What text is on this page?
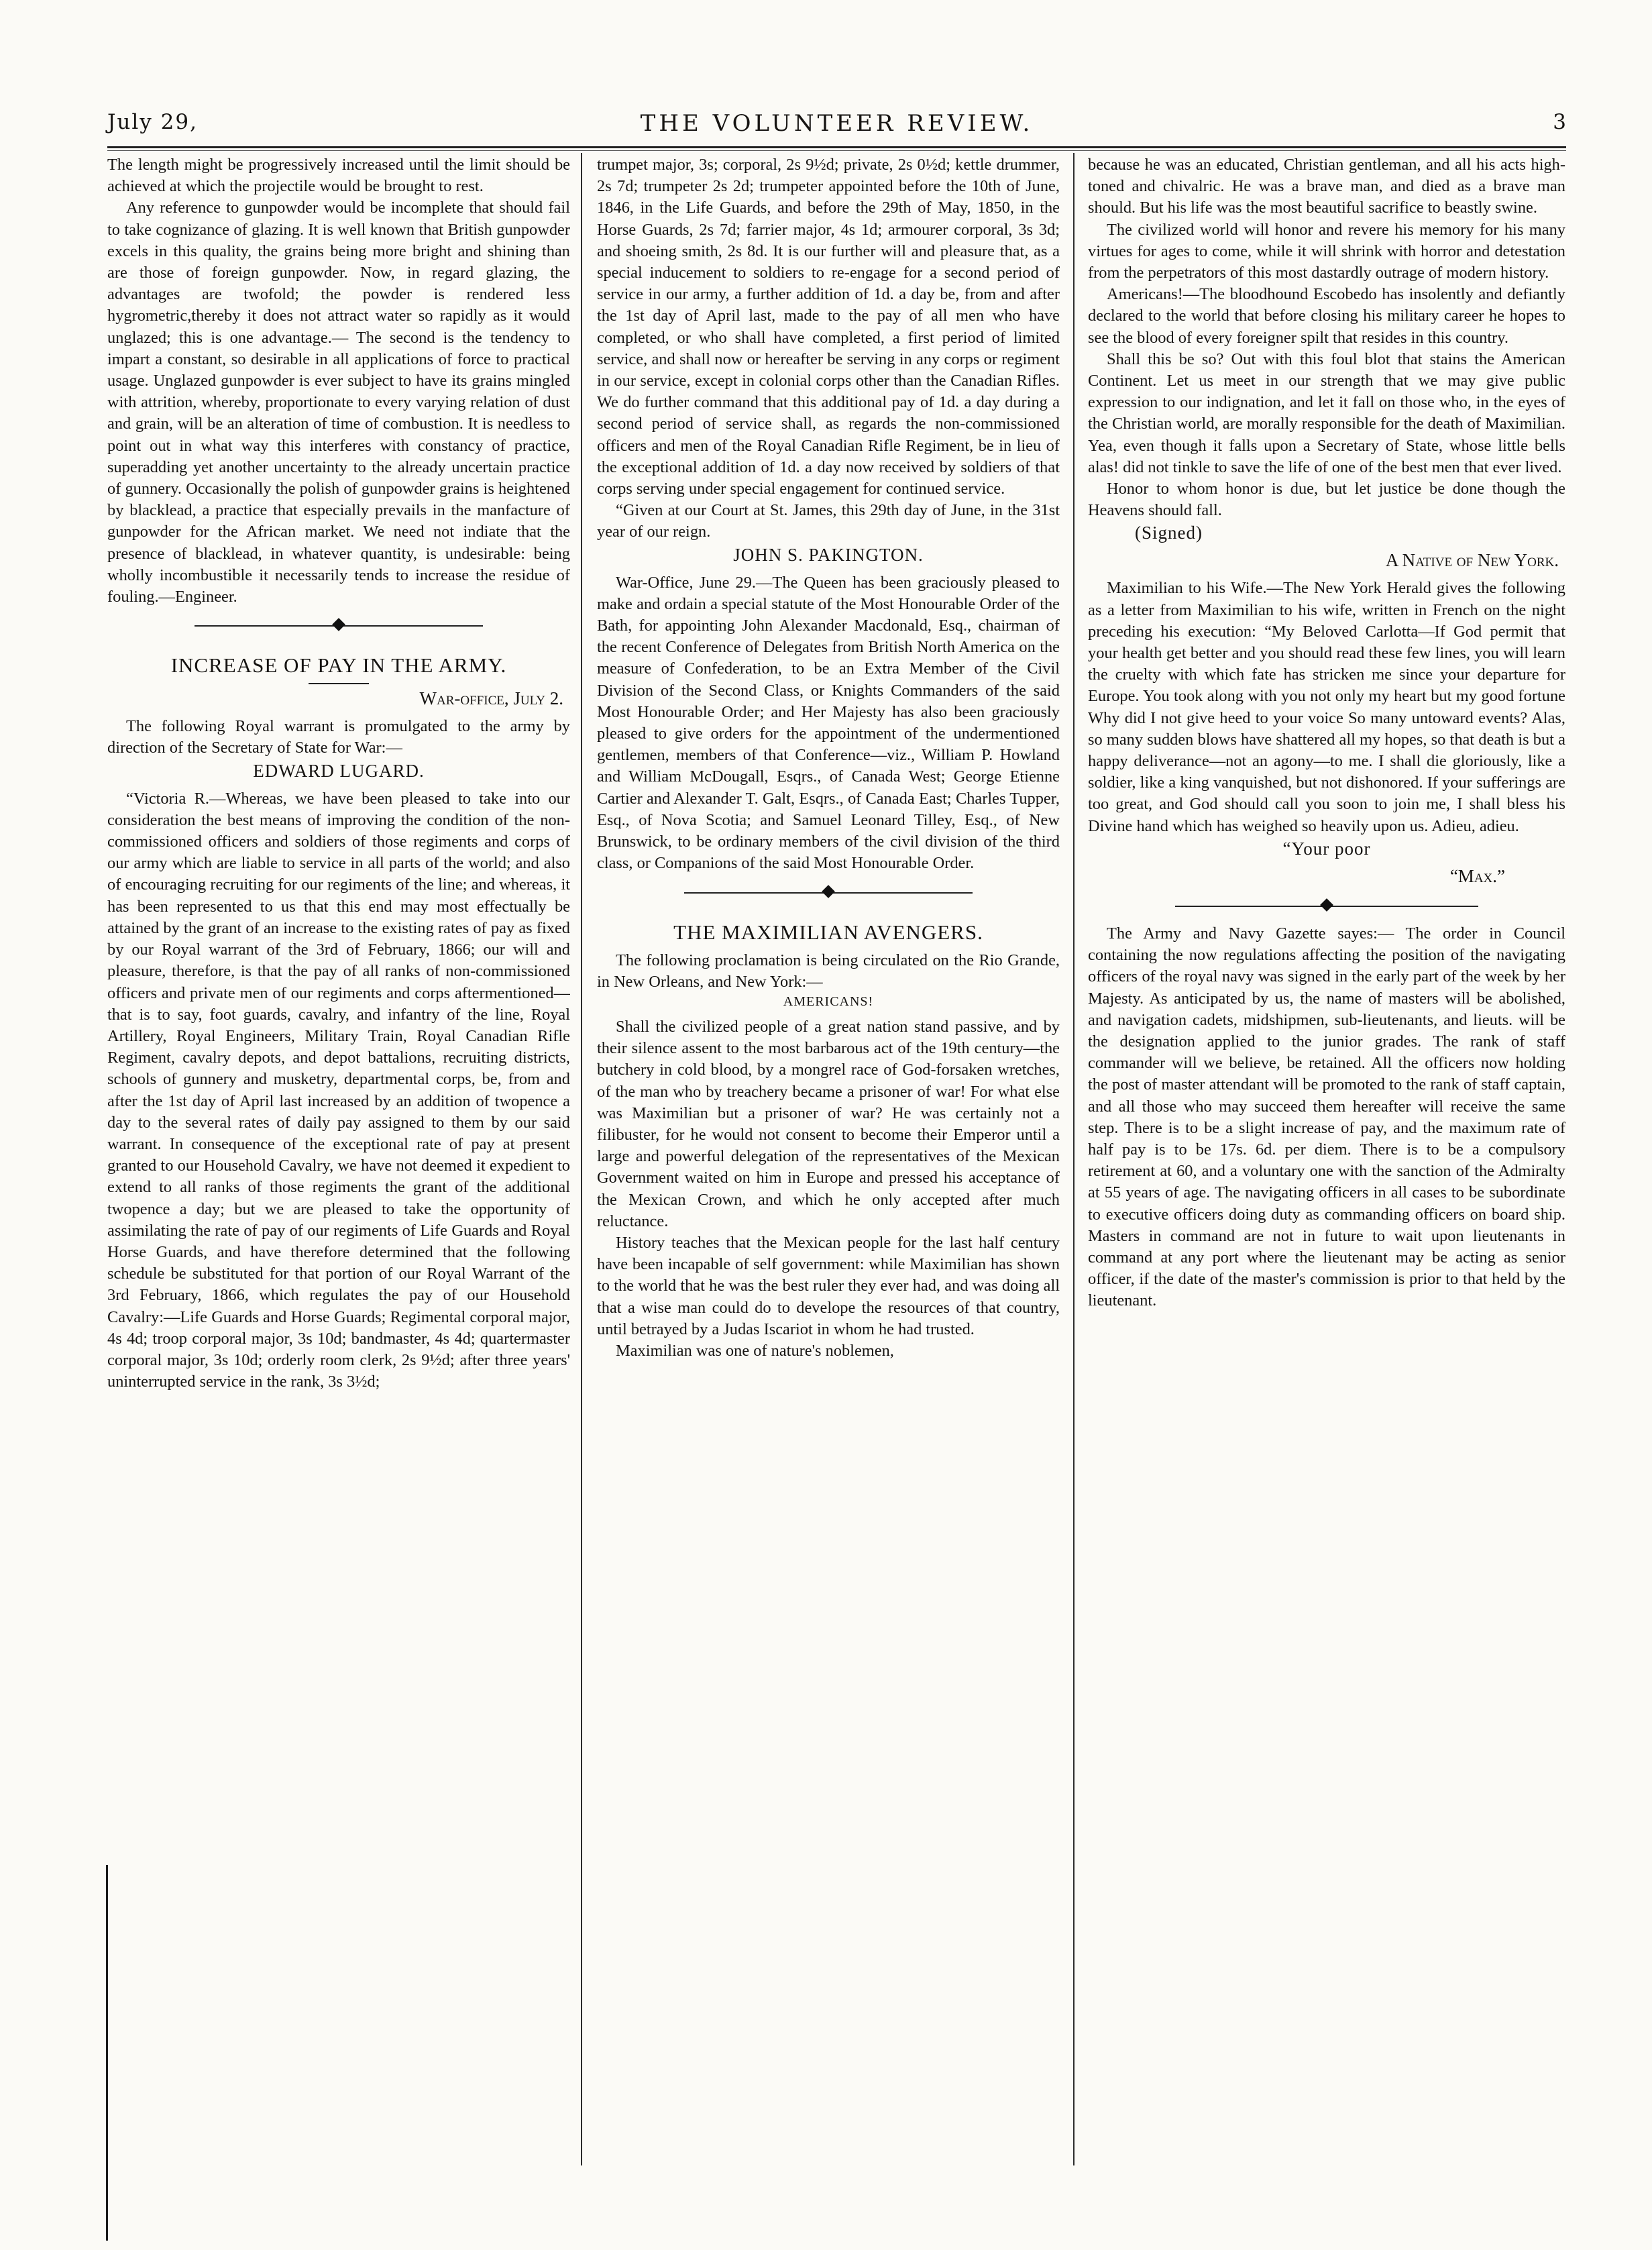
July 29,	THE VOLUNTEER REVIEW.	3

The length might be progressively increased until the limit should be achieved at which the projectile would be brought to rest.

Any reference to gunpowder would be incomplete that should fail to take cognizance of glazing. It is well known that British gunpowder excels in this quality, the grains being more bright and shining than are those of foreign gunpowder. Now, in regard glazing, the advantages are twofold; the powder is rendered less hygrometric,thereby it does not attract water so rapidly as it would unglazed; this is one advantage.— The second is the tendency to impart a constant, so desirable in all applications of force to practical usage. Unglazed gunpowder is ever subject to have its grains mingled with attrition, whereby, proportionate to every varying relation of dust and grain, will be an alteration of time of combustion. It is needless to point out in what way this interferes with constancy of practice, superadding yet another uncertainty to the already uncertain practice of gunnery. Occasionally the polish of gunpowder grains is heightened by blacklead, a practice that especially prevails in the manfacture of gunpowder for the African market. We need not indiate that the presence of blacklead, in whatever quantity, is undesirable: being wholly incombustible it necessarily tends to increase the residue of fouling.—Engineer.

INCREASE OF PAY IN THE ARMY.
War-office, July 2.

The following Royal warrant is promulgated to the army by direction of the Secretary of State for War:—

EDWARD LUGARD.

“Victoria R.—Whereas, we have been pleased to take into our consideration the best means of improving the condition of the non-commissioned officers and soldiers of those regiments and corps of our army which are liable to service in all parts of the world; and also of encouraging recruiting for our regiments of the line; and whereas, it has been represented to us that this end may most effectually be attained by the grant of an increase to the existing rates of pay as fixed by our Royal warrant of the 3rd of February, 1866; our will and pleasure, therefore, is that the pay of all ranks of non-commissioned officers and private men of our regiments and corps aftermentioned—that is to say, foot guards, cavalry, and infantry of the line, Royal Artillery, Royal Engineers, Military Train, Royal Canadian Rifle Regiment, cavalry depots, and depot battalions, recruiting districts, schools of gunnery and musketry, departmental corps, be, from and after the 1st day of April last increased by an addition of twopence a day to the several rates of daily pay assigned to them by our said warrant. In consequence of the exceptional rate of pay at present granted to our Household Cavalry, we have not deemed it expedient to extend to all ranks of those regiments the grant of the additional twopence a day; but we are pleased to take the opportunity of assimilating the rate of pay of our regiments of Life Guards and Royal Horse Guards, and have therefore determined that the following schedule be substituted for that portion of our Royal Warrant of the 3rd February, 1866, which regulates the pay of our Household Cavalry:—Life Guards and Horse Guards; Regimental corporal major, 4s 4d; troop corporal major, 3s 10d; bandmaster, 4s 4d; quartermaster corporal major, 3s 10d; orderly room clerk, 2s 9½d; after three years' uninterrupted service in the rank, 3s 3½d;

trumpet major, 3s; corporal, 2s 9½d; private, 2s 0½d; kettle drummer, 2s 7d; trumpeter 2s 2d; trumpeter appointed before the 10th of June, 1846, in the Life Guards, and before the 29th of May, 1850, in the Horse Guards, 2s 7d; farrier major, 4s 1d; armourer corporal, 3s 3d; and shoeing smith, 2s 8d. It is our further will and pleasure that, as a special inducement to soldiers to re-engage for a second period of service in our army, a further addition of 1d. a day be, from and after the 1st day of April last, made to the pay of all men who have completed, or who shall have completed, a first period of limited service, and shall now or hereafter be serving in any corps or regiment in our service, except in colonial corps other than the Canadian Rifles. We do further command that this additional pay of 1d. a day during a second period of service shall, as regards the non-commissioned officers and men of the Royal Canadian Rifle Regiment, be in lieu of the exceptional addition of 1d. a day now received by soldiers of that corps serving under special engagement for continued service.

“Given at our Court at St. James, this 29th day of June, in the 31st year of our reign.

JOHN S. PAKINGTON.

War-Office, June 29.—The Queen has been graciously pleased to make and ordain a special statute of the Most Honourable Order of the Bath, for appointing John Alexander Macdonald, Esq., chairman of the recent Conference of Delegates from British North America on the measure of Confederation, to be an Extra Member of the Civil Division of the Second Class, or Knights Commanders of the said Most Honourable Order; and Her Majesty has also been graciously pleased to give orders for the appointment of the undermentioned gentlemen, members of that Conference—viz., William P. Howland and William McDougall, Esqrs., of Canada West; George Etienne Cartier and Alexander T. Galt, Esqrs., of Canada East; Charles Tupper, Esq., of Nova Scotia; and Samuel Leonard Tilley, Esq., of New Brunswick, to be ordinary members of the civil division of the third class, or Companions of the said Most Honourable Order.

THE MAXIMILIAN AVENGERS.

The following proclamation is being circulated on the Rio Grande, in New Orleans, and New York:—

AMERICANS!

Shall the civilized people of a great nation stand passive, and by their silence assent to the most barbarous act of the 19th century—the butchery in cold blood, by a mongrel race of God-forsaken wretches, of the man who by treachery became a prisoner of war! For what else was Maximilian but a prisoner of war? He was certainly not a filibuster, for he would not consent to become their Emperor until a large and powerful delegation of the representatives of the Mexican Government waited on him in Europe and pressed his acceptance of the Mexican Crown, and which he only accepted after much reluctance.

History teaches that the Mexican people for the last half century have been incapable of self government: while Maximilian has shown to the world that he was the best ruler they ever had, and was doing all that a wise man could do to develope the resources of that country, until betrayed by a Judas Iscariot in whom he had trusted.

Maximilian was one of nature's noblemen,

because he was an educated, Christian gentleman, and all his acts high-toned and chivalric. He was a brave man, and died as a brave man should. But his life was the most beautiful sacrifice to beastly swine.

The civilized world will honor and revere his memory for his many virtues for ages to come, while it will shrink with horror and detestation from the perpetrators of this most dastardly outrage of modern history.

Americans!—The bloodhound Escobedo has insolently and defiantly declared to the world that before closing his military career he hopes to see the blood of every foreigner spilt that resides in this country.

Shall this be so? Out with this foul blot that stains the American Continent. Let us meet in our strength that we may give public expression to our indignation, and let it fall on those who, in the eyes of the Christian world, are morally responsible for the death of Maximilian. Yea, even though it falls upon a Secretary of State, whose little bells alas! did not tinkle to save the life of one of the best men that ever lived.

Honor to whom honor is due, but let justice be done though the Heavens should fall.

(Signed)
A Native of New York.

Maximilian to his Wife.—The New York Herald gives the following as a letter from Maximilian to his wife, written in French on the night preceding his execution: “My Beloved Carlotta—If God permit that your health get better and you should read these few lines, you will learn the cruelty with which fate has stricken me since your departure for Europe. You took along with you not only my heart but my good fortune Why did I not give heed to your voice So many untoward events? Alas, so many sudden blows have shattered all my hopes, so that death is but a happy deliverance—not an agony—to me. I shall die gloriously, like a soldier, like a king vanquished, but not dishonored. If your sufferings are too great, and God should call you soon to join me, I shall bless his Divine hand which has weighed so heavily upon us. Adieu, adieu.

“Your poor
“Max.”

The Army and Navy Gazette sayes:— The order in Council containing the now regulations affecting the position of the navigating officers of the royal navy was signed in the early part of the week by her Majesty. As anticipated by us, the name of masters will be abolished, and navigation cadets, midshipmen, sub-lieutenants, and lieuts. will be the designation applied to the junior grades. The rank of staff commander will we believe, be retained. All the officers now holding the post of master attendant will be promoted to the rank of staff captain, and all those who may succeed them hereafter will receive the same step. There is to be a slight increase of pay, and the maximum rate of half pay is to be 17s. 6d. per diem. There is to be a compulsory retirement at 60, and a voluntary one with the sanction of the Admiralty at 55 years of age. The navigating officers in all cases to be subordinate to executive officers doing duty as commanding officers on board ship. Masters in command are not in future to wait upon lieutenants in command at any port where the lieutenant may be acting as senior officer, if the date of the master's commission is prior to that held by the lieutenant.
